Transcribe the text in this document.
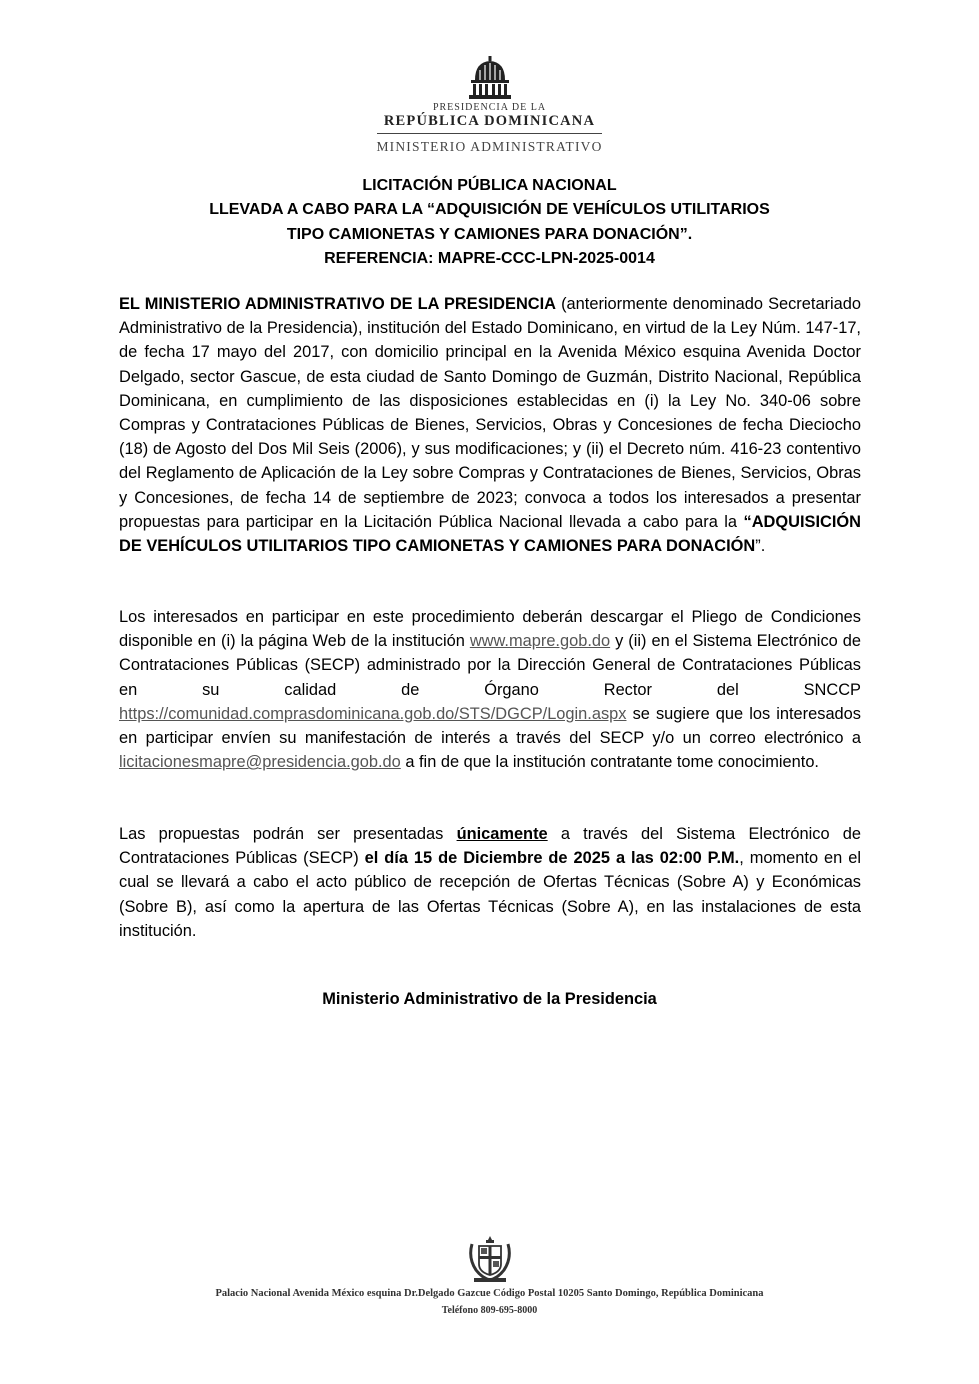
PRESIDENCIA DE LA
REPÚBLICA DOMINICANA
MINISTERIO ADMINISTRATIVO
LICITACIÓN PÚBLICA NACIONAL
LLEVADA A CABO PARA LA “ADQUISICIÓN DE VEHÍCULOS UTILITARIOS
TIPO CAMIONETAS Y CAMIONES PARA DONACIÓN”.
REFERENCIA: MAPRE-CCC-LPN-2025-0014

EL MINISTERIO ADMINISTRATIVO DE LA PRESIDENCIA (anteriormente denominado Secretariado Administrativo de la Presidencia), institución del Estado Dominicano, en virtud de la Ley Núm. 147-17, de fecha 17 mayo del 2017, con domicilio principal en la Avenida México esquina Avenida Doctor Delgado, sector Gascue, de esta ciudad de Santo Domingo de Guzmán, Distrito Nacional, República Dominicana, en cumplimiento de las disposiciones establecidas en (i) la Ley No. 340-06 sobre Compras y Contrataciones Públicas de Bienes, Servicios, Obras y Concesiones de fecha Dieciocho (18) de Agosto del Dos Mil Seis (2006), y sus modificaciones; y (ii) el Decreto núm. 416-23 contentivo del Reglamento de Aplicación de la Ley sobre Compras y Contrataciones de Bienes, Servicios, Obras y Concesiones, de fecha 14 de septiembre de 2023; convoca a todos los interesados a presentar propuestas para participar en la Licitación Pública Nacional llevada a cabo para la “ADQUISICIÓN DE VEHÍCULOS UTILITARIOS TIPO CAMIONETAS Y CAMIONES PARA DONACIÓN”.

Los interesados en participar en este procedimiento deberán descargar el Pliego de Condiciones disponible en (i) la página Web de la institución www.mapre.gob.do y (ii) en el Sistema Electrónico de Contrataciones Públicas (SECP) administrado por la Dirección General de Contrataciones Públicas en su calidad de Órgano Rector del SNCCP https://comunidad.comprasdominicana.gob.do/STS/DGCP/Login.aspx se sugiere que los interesados en participar envíen su manifestación de interés a través del SECP y/o un correo electrónico a licitacionesmapre@presidencia.gob.do a fin de que la institución contratante tome conocimiento.

Las propuestas podrán ser presentadas únicamente a través del Sistema Electrónico de Contrataciones Públicas (SECP) el día 15 de Diciembre de 2025 a las 02:00 P.M., momento en el cual se llevará a cabo el acto público de recepción de Ofertas Técnicas (Sobre A) y Económicas (Sobre B), así como la apertura de las Ofertas Técnicas (Sobre A), en las instalaciones de esta institución.

Ministerio Administrativo de la Presidencia
Palacio Nacional Avenida México esquina Dr.Delgado Gazcue Código Postal 10205 Santo Domingo, República Dominicana
Teléfono 809-695-8000
